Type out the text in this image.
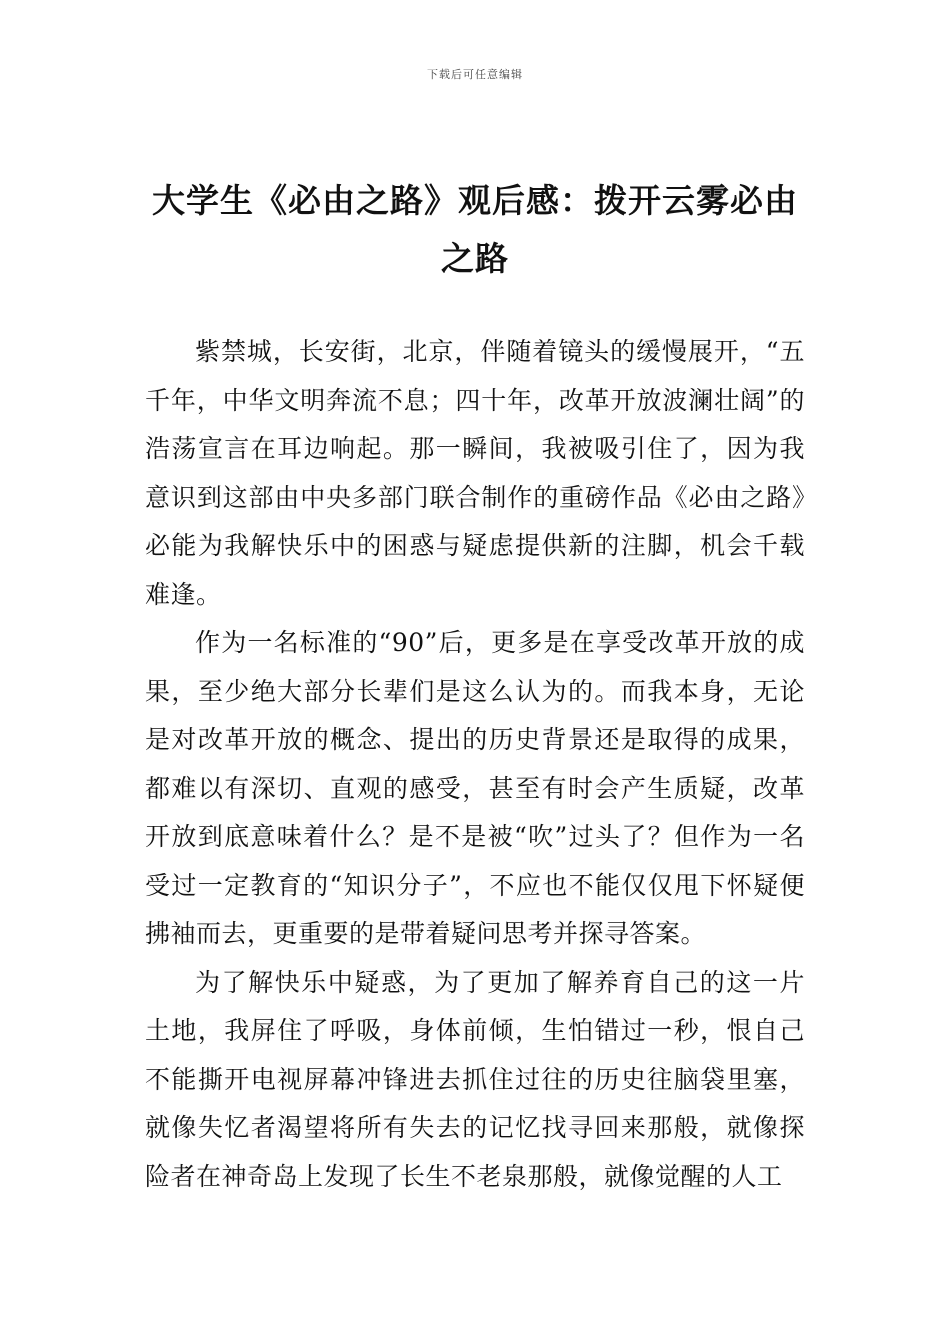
下载后可任意编辑
大学生《必由之路》观后感：拨开云雾必由之路

紫禁城，长安街，北京，伴随着镜头的缓慢展开，“五千年，中华文明奔流不息；四十年，改革开放波澜壮阔”的浩荡宣言在耳边响起。那一瞬间，我被吸引住了，因为我意识到这部由中央多部门联合制作的重磅作品《必由之路》必能为我解快乐中的困惑与疑虑提供新的注脚，机会千载难逢。

作为一名标准的“90”后，更多是在享受改革开放的成果，至少绝大部分长辈们是这么认为的。而我本身，无论是对改革开放的概念、提出的历史背景还是取得的成果，都难以有深切、直观的感受，甚至有时会产生质疑，改革开放到底意味着什么？是不是被“吹”过头了？但作为一名受过一定教育的“知识分子”，不应也不能仅仅甩下怀疑便拂袖而去，更重要的是带着疑问思考并探寻答案。

为了解快乐中疑惑，为了更加了解养育自己的这一片土地，我屏住了呼吸，身体前倾，生怕错过一秒，恨自己不能撕开电视屏幕冲锋进去抓住过往的历史往脑袋里塞，就像失忆者渴望将所有失去的记忆找寻回来那般，就像探险者在神奇岛上发现了长生不老泉那般，就像觉醒的人工
